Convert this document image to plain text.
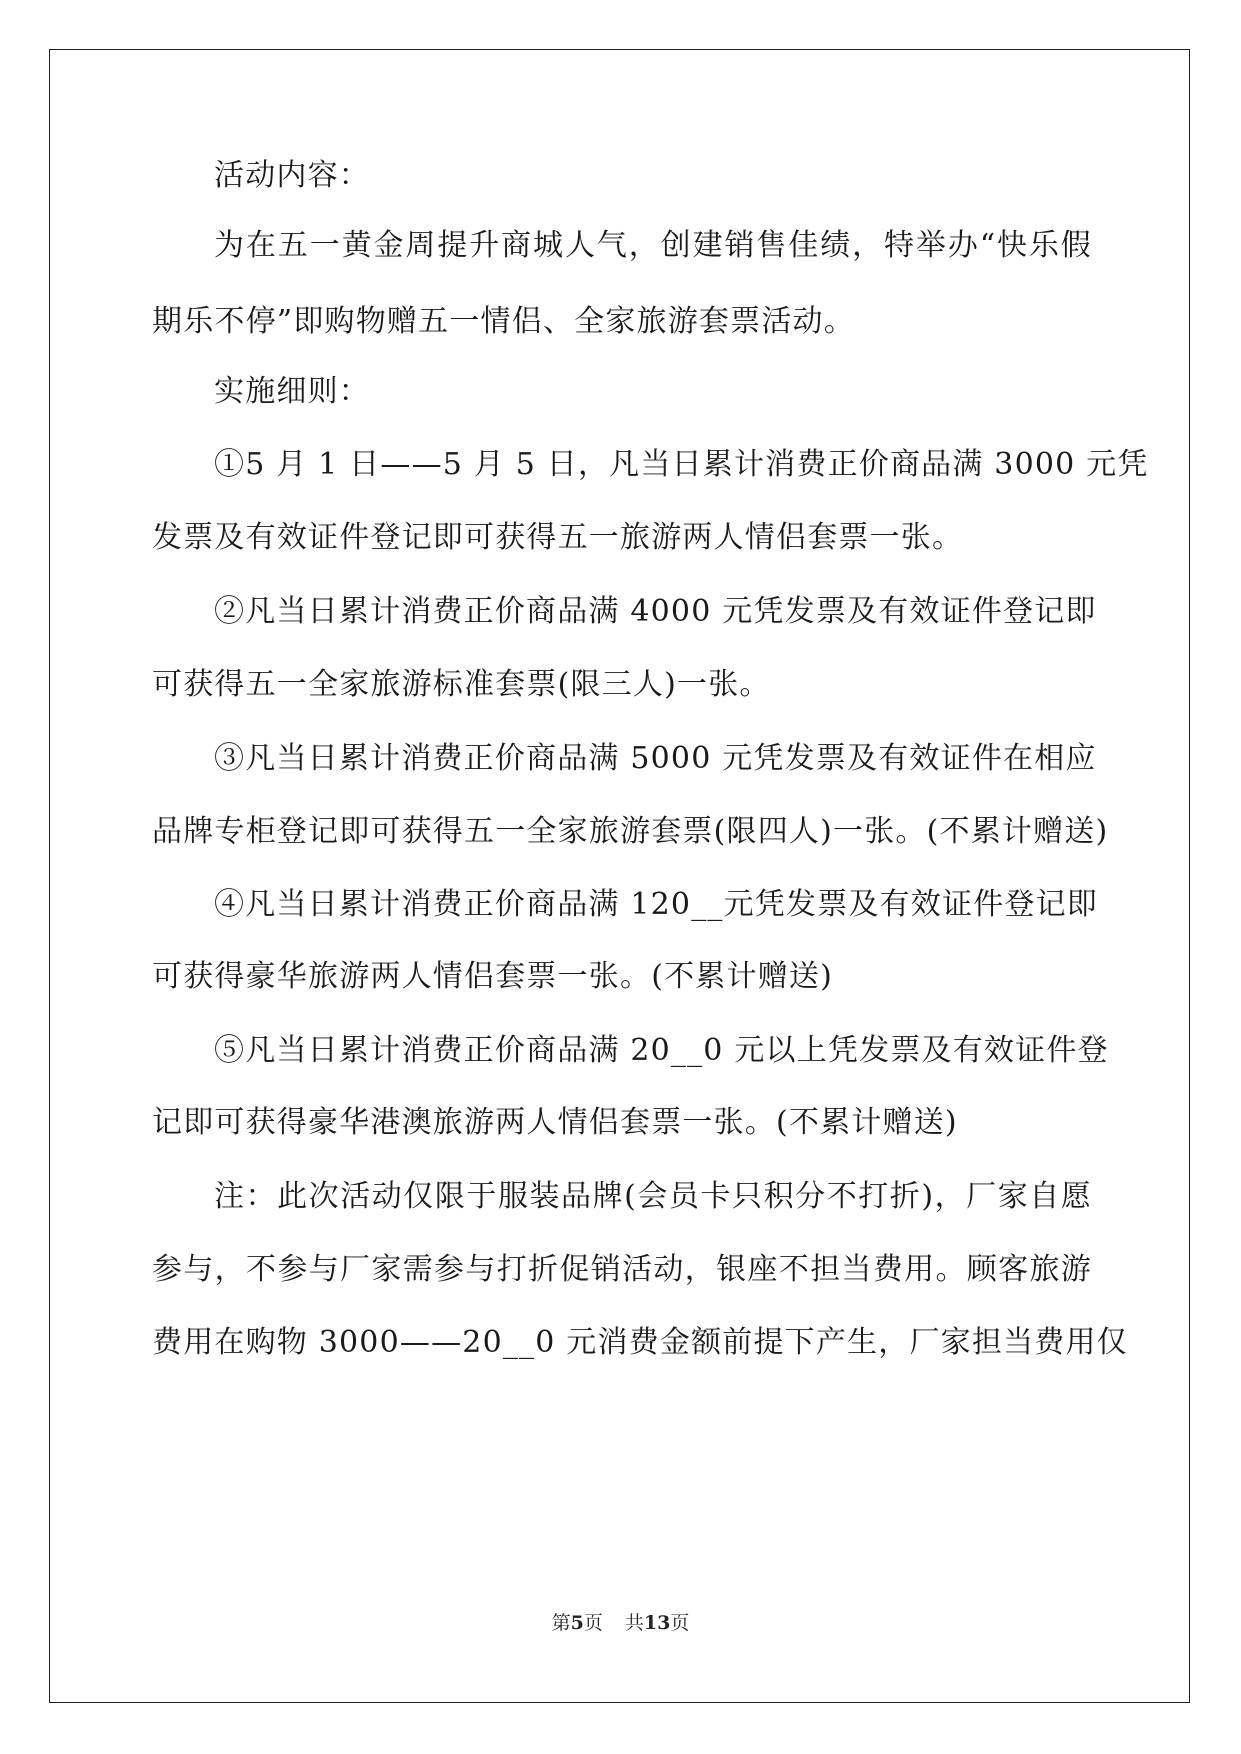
活动内容：
为在五一黄金周提升商城人气，创建销售佳绩，特举办“快乐假
期乐不停”即购物赠五一情侣、全家旅游套票活动。
实施细则：
①5 月 1 日——5 月 5 日，凡当日累计消费正价商品满 3000 元凭
发票及有效证件登记即可获得五一旅游两人情侣套票一张。
②凡当日累计消费正价商品满 4000 元凭发票及有效证件登记即
可获得五一全家旅游标准套票(限三人)一张。
③凡当日累计消费正价商品满 5000 元凭发票及有效证件在相应
品牌专柜登记即可获得五一全家旅游套票(限四人)一张。(不累计赠送)
④凡当日累计消费正价商品满 120__元凭发票及有效证件登记即
可获得豪华旅游两人情侣套票一张。(不累计赠送)
⑤凡当日累计消费正价商品满 20__0 元以上凭发票及有效证件登
记即可获得豪华港澳旅游两人情侣套票一张。(不累计赠送)
注：此次活动仅限于服装品牌(会员卡只积分不打折)，厂家自愿
参与，不参与厂家需参与打折促销活动，银座不担当费用。顾客旅游
费用在购物 3000——20__0 元消费金额前提下产生，厂家担当费用仅
第5页 共13页
